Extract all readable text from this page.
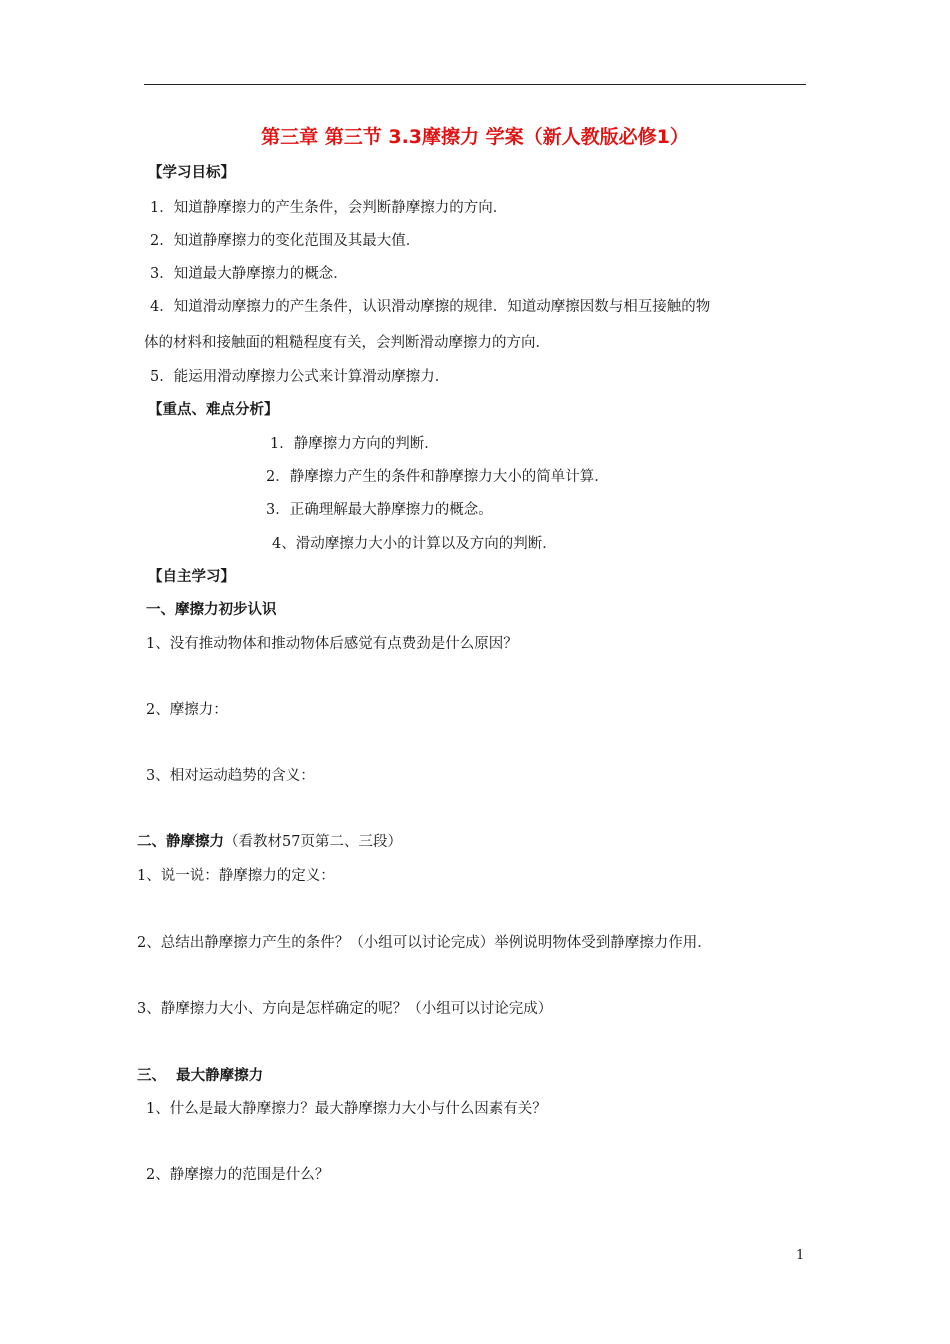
第三章 第三节 3.3摩擦力 学案（新人教版必修1）
【学习目标】
1．知道静摩擦力的产生条件，会判断静摩擦力的方向．
2．知道静摩擦力的变化范围及其最大值．
3．知道最大静摩擦力的概念．
4．知道滑动摩擦力的产生条件，认识滑动摩擦的规律．知道动摩擦因数与相互接触的物
体的材料和接触面的粗糙程度有关，会判断滑动摩擦力的方向．
5．能运用滑动摩擦力公式来计算滑动摩擦力．
【重点、难点分析】
1．静摩擦力方向的判断．
2．静摩擦力产生的条件和静摩擦力大小的简单计算．
3．正确理解最大静摩擦力的概念。
4、滑动摩擦力大小的计算以及方向的判断．
【自主学习】
一、摩擦力初步认识
1、没有推动物体和推动物体后感觉有点费劲是什么原因？
2、摩擦力：
3、相对运动趋势的含义：
二、静摩擦力（看教材57页第二、三段）
1、说一说：静摩擦力的定义：
2、总结出静摩擦力产生的条件？（小组可以讨论完成）举例说明物体受到静摩擦力作用．
3、静摩擦力大小、方向是怎样确定的呢？（小组可以讨论完成）
三、  最大静摩擦力
1、什么是最大静摩擦力？最大静摩擦力大小与什么因素有关？
2、静摩擦力的范围是什么？
1
